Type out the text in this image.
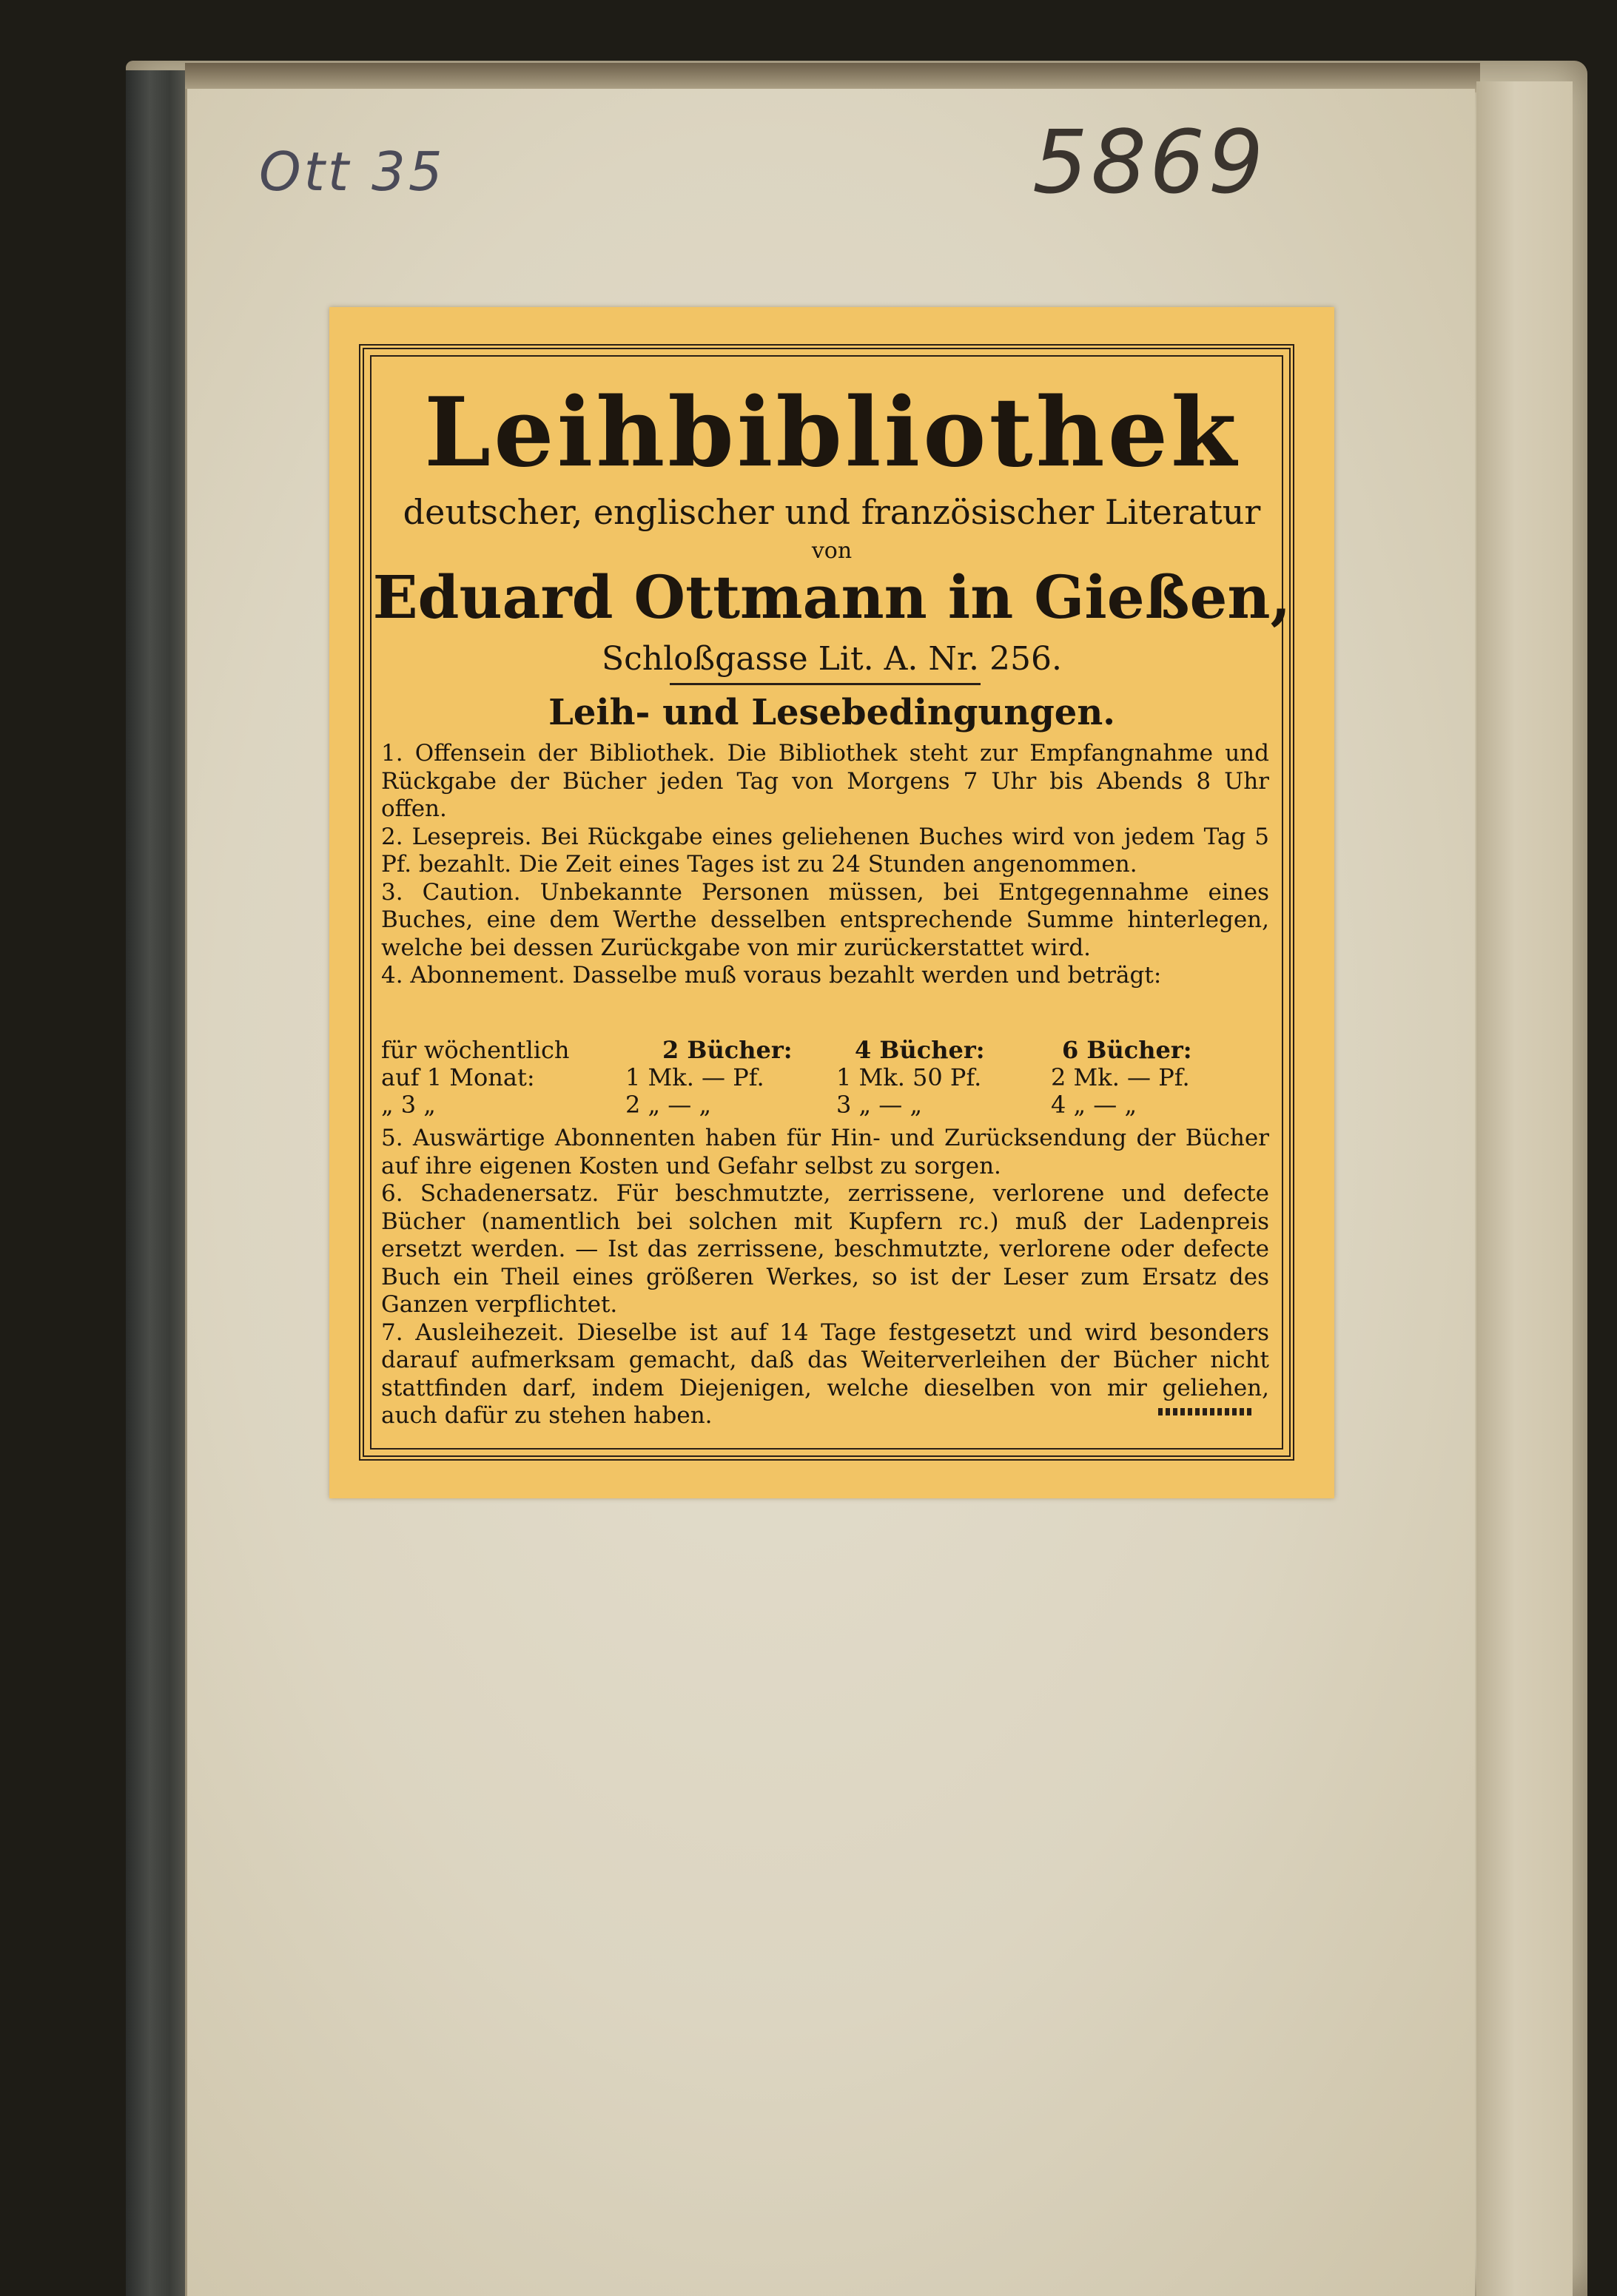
Ott 35	5869
Leihbibliothek
deutscher, englischer und französischer Literatur
von
Eduard Ottmann in Gießen,
Schloßgasse Lit. A. Nr. 256.
Leih- und Lesebedingungen.
1. Offensein der Bibliothek. Die Bibliothek steht zur Empfangnahme und Rückgabe der Bücher jeden Tag von Morgens 7 Uhr bis Abends 8 Uhr offen.
2. Lesepreis. Bei Rückgabe eines geliehenen Buches wird von jedem Tag 5 Pf. bezahlt. Die Zeit eines Tages ist zu 24 Stunden angenommen.
3. Caution. Unbekannte Personen müssen, bei Entgegennahme eines Buches, eine dem Werthe desselben entsprechende Summe hinterlegen, welche bei dessen Zurückgabe von mir zurückerstattet wird.
4. Abonnement. Dasselbe muß voraus bezahlt werden und beträgt:
für wöchentlich	2 Bücher:	4 Bücher:	6 Bücher:
auf 1 Monat:	1 Mk. — Pf.	1 Mk. 50 Pf.	2 Mk. — Pf.
„ 3 „	2 „ — „	3 „ — „	4 „ — „
5. Auswärtige Abonnenten haben für Hin- und Zurücksendung der Bücher auf ihre eigenen Kosten und Gefahr selbst zu sorgen.
6. Schadenersatz. Für beschmutzte, zerrissene, verlorene und defecte Bücher (namentlich bei solchen mit Kupfern rc.) muß der Ladenpreis ersetzt werden. — Ist das zerrissene, beschmutzte, verlorene oder defecte Buch ein Theil eines größeren Werkes, so ist der Leser zum Ersatz des Ganzen verpflichtet.
7. Ausleihezeit. Dieselbe ist auf 14 Tage festgesetzt und wird besonders darauf aufmerksam gemacht, daß das Weiterverleihen der Bücher nicht stattfinden darf, indem Diejenigen, welche dieselben von mir geliehen, auch dafür zu stehen haben.
